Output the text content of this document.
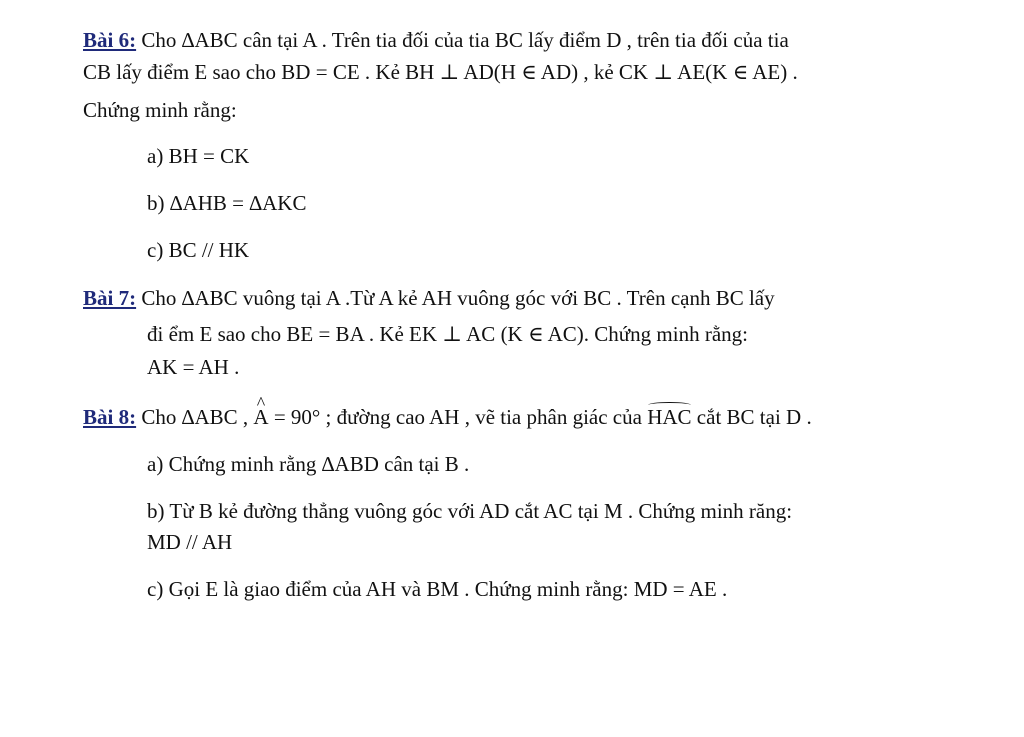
Bài 6: Cho ∆ABC cân tại A . Trên tia đối của tia BC lấy điểm D , trên tia đối của tia
CB lấy điểm E sao cho BD = CE . Kẻ BH ⊥ AD(H ∈ AD) , kẻ CK ⊥ AE(K ∈ AE) .
Chứng minh rằng:
a) BH = CK
b) ∆AHB = ∆AKC
c) BC // HK
Bài 7: Cho ∆ABC vuông tại A .Từ A kẻ AH vuông góc với BC . Trên cạnh BC lấy
đi ểm E sao cho BE = BA . Kẻ EK ⊥ AC (K ∈ AC). Chứng minh rằng:
AK = AH .
Bài 8: Cho ∆ABC , ^ A = 90° ; đường cao AH , vẽ tia phân giác của HAC cắt BC tại D .
a) Chứng minh rằng ∆ABD cân tại B .
b) Từ B kẻ đường thẳng vuông góc với AD cắt AC tại M . Chứng minh răng:
MD // AH
c) Gọi E là giao điểm của AH và BM . Chứng minh rằng: MD = AE .
